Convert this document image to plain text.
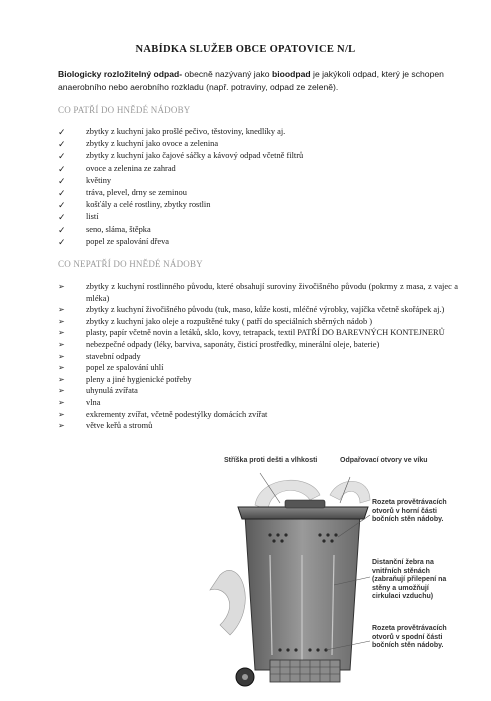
NABÍDKA SLUŽEB OBCE OPATOVICE N/L
Biologicky rozložitelný odpad- obecně nazývaný jako bioodpad je jakýkoli odpad, který je schopen anaerobního nebo aerobního rozkladu (např. potraviny, odpad ze zeleně).
CO PATŘÍ DO HNĚDÉ NÁDOBY
✓ zbytky z kuchyní jako prošlé pečivo, těstoviny, knedlíky aj.
✓ zbytky z kuchyní jako ovoce a zelenina
✓ zbytky z kuchyní jako čajové sáčky a kávový odpad včetně filtrů
✓ ovoce a zelenina ze zahrad
✓ květiny
✓ tráva, plevel, drny se zeminou
✓ košťály a celé rostliny, zbytky rostlin
✓ listí
✓ seno, sláma, štěpka
✓ popel ze spalování dřeva
CO NEPATŘÍ DO HNĚDÉ NÁDOBY
➢	zbytky z kuchyní rostlinného původu, které obsahují suroviny živočišného původu (pokrmy z masa, z vajec a mléka)
➢	zbytky z kuchyní živočišného původu (tuk, maso, kůže kosti, mléčné výrobky, vajíčka včetně skořápek aj.)
➢	zbytky z kuchyní jako oleje a rozpuštěné tuky ( patří do speciálních sběrných nádob )
➢	plasty, papír včetně novin a letáků, sklo, kovy, tetrapack, textil PATŘÍ DO BAREVNÝCH KONTEJNERŮ
➢	nebezpečné odpady (léky, barviva, saponáty, čisticí prostředky, minerální oleje, baterie)
➢	stavební odpady
➢	popel ze spalování uhlí
➢	pleny a jiné hygienické potřeby
➢	uhynulá zvířata
➢	vlna
➢	exkrementy zvířat, včetně podestýlky domácích zvířat
➢	větve keřů a stromů
Stříška proti dešti a vlhkosti	Odpařovací otvory ve víku
Rozeta provětrávacích otvorů v horní části bočních stěn nádoby.
Distanční žebra na vnitřních stěnách (zabraňují přilepení na stěny a umožňují cirkulaci vzduchu)
Rozeta provětrávacích otvorů v spodní části bočních stěn nádoby.
